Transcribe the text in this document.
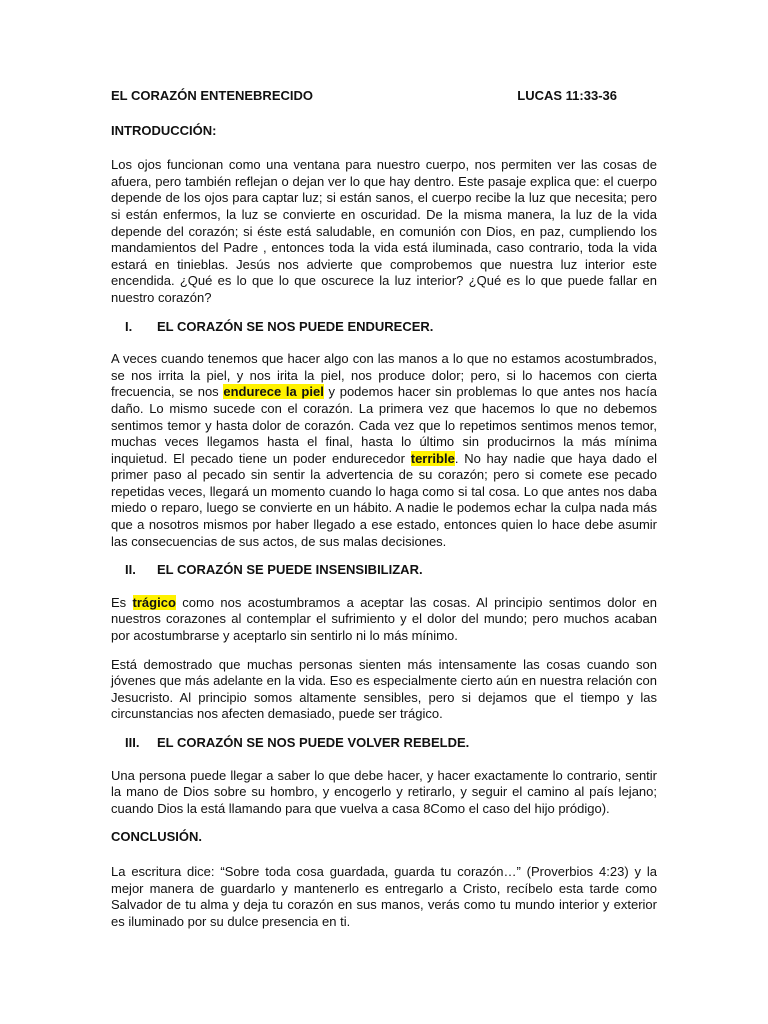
EL CORAZÓN ENTENEBRECIDO	LUCAS 11:33-36
INTRODUCCIÓN:

Los ojos funcionan como una ventana para nuestro cuerpo, nos permiten ver las cosas de afuera, pero también reflejan o dejan ver lo que hay dentro. Este pasaje explica que: el cuerpo depende de los ojos para captar luz; si están sanos, el cuerpo recibe la luz que necesita; pero si están enfermos, la luz se convierte en oscuridad. De la misma manera, la luz de la vida depende del corazón; si éste está saludable, en comunión con Dios, en paz, cumpliendo los mandamientos del Padre , entonces toda la vida está iluminada, caso contrario, toda la vida estará en tinieblas. Jesús nos advierte que comprobemos que nuestra luz interior este encendida. ¿Qué es lo que lo que oscurece la luz interior? ¿Qué es lo que puede fallar en nuestro corazón?

I.	EL CORAZÓN SE NOS PUEDE ENDURECER.

A veces cuando tenemos que hacer algo con las manos a lo que no estamos acostumbrados, se nos irrita la piel, y nos irita la piel, nos produce dolor; pero, si lo hacemos con cierta frecuencia, se nos endurece la piel y podemos hacer sin problemas lo que antes nos hacía daño. Lo mismo sucede con el corazón. La primera vez que hacemos lo que no debemos sentimos temor y hasta dolor de corazón. Cada vez que lo repetimos sentimos menos temor, muchas veces llegamos hasta el final, hasta lo último sin producirnos la más mínima inquietud. El pecado tiene un poder endurecedor terrible. No hay nadie que haya dado el primer paso al pecado sin sentir la advertencia de su corazón; pero si comete ese pecado repetidas veces, llegará un momento cuando lo haga como si tal cosa. Lo que antes nos daba miedo o reparo, luego se convierte en un hábito. A nadie le podemos echar la culpa nada más que a nosotros mismos por haber llegado a ese estado, entonces quien lo hace debe asumir las consecuencias de sus actos, de sus malas decisiones.

II.	EL CORAZÓN SE PUEDE INSENSIBILIZAR.

Es trágico como nos acostumbramos a aceptar las cosas. Al principio sentimos dolor en nuestros corazones al contemplar el sufrimiento y el dolor del mundo; pero muchos acaban por acostumbrarse y aceptarlo sin sentirlo ni lo más mínimo.

Está demostrado que muchas personas sienten más intensamente las cosas cuando son jóvenes que más adelante en la vida. Eso es especialmente cierto aún en nuestra relación con Jesucristo. Al principio somos altamente sensibles, pero si dejamos que el tiempo y las circunstancias nos afecten demasiado, puede ser trágico.

III.	EL CORAZÓN SE NOS PUEDE VOLVER REBELDE.

Una persona puede llegar a saber lo que debe hacer, y hacer exactamente lo contrario, sentir la mano de Dios sobre su hombro, y encogerlo y retirarlo, y seguir el camino al país lejano; cuando Dios la está llamando para que vuelva a casa 8Como el caso del hijo pródigo).

CONCLUSIÓN.

La escritura dice: “Sobre toda cosa guardada, guarda tu corazón…” (Proverbios 4:23) y la mejor manera de guardarlo y mantenerlo es entregarlo a Cristo, recíbelo esta tarde como Salvador de tu alma y deja tu corazón en sus manos, verás como tu mundo interior y exterior es iluminado por su dulce presencia en ti.
